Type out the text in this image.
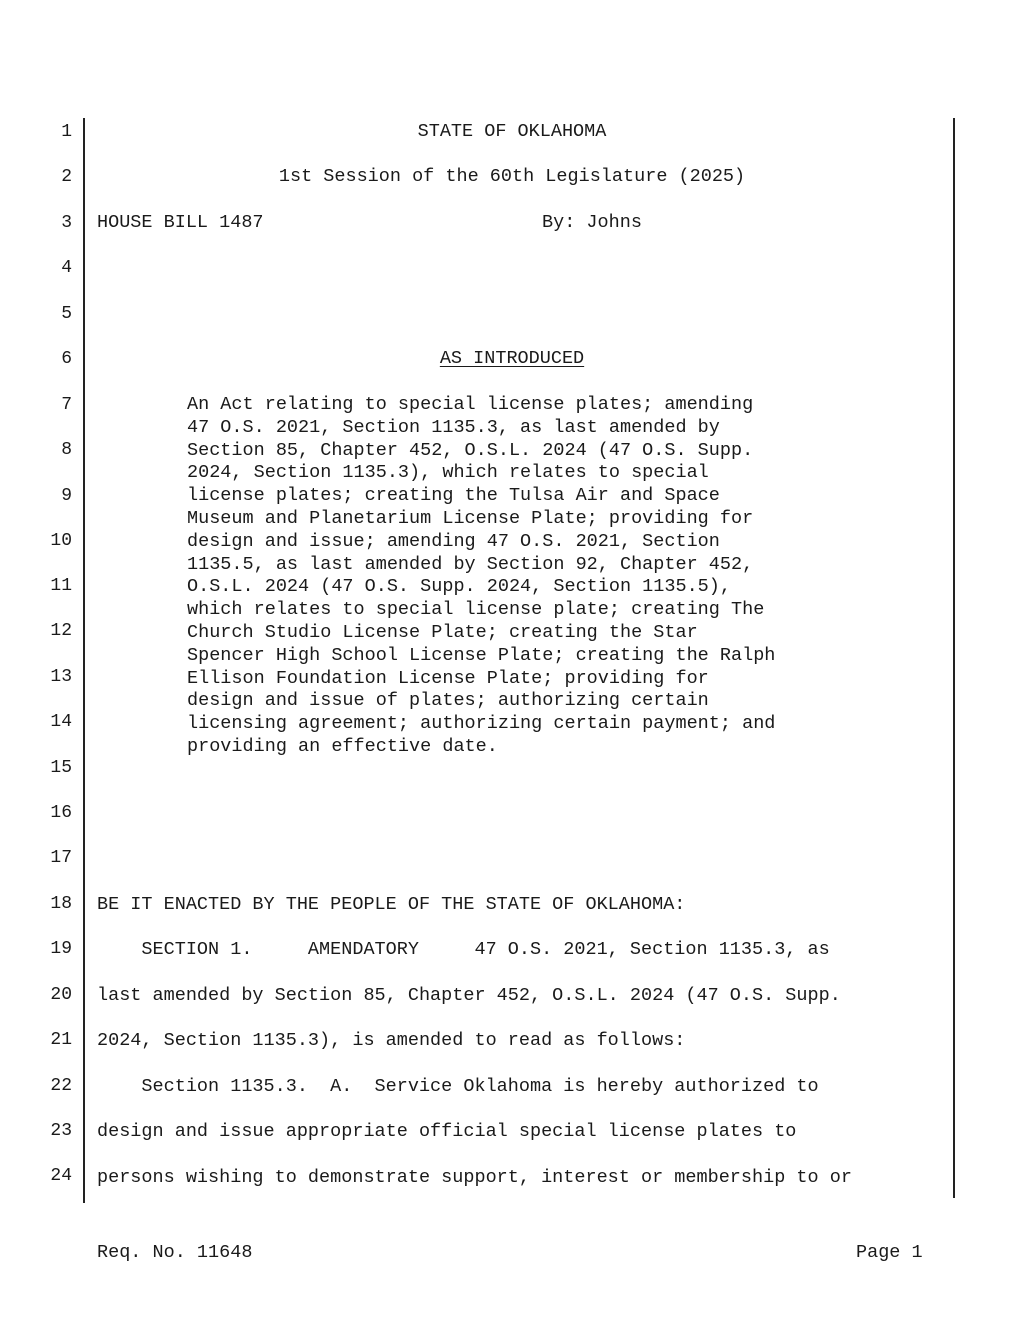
1
2
3
4
5
6
7
8
9
10
11
12
13
14
15
16
17
18
19
20
21
22
23
24
STATE OF OKLAHOMA
1st Session of the 60th Legislature (2025)
HOUSE BILL 1487	By: Johns
AS INTRODUCED
An Act relating to special license plates; amending
47 O.S. 2021, Section 1135.3, as last amended by
Section 85, Chapter 452, O.S.L. 2024 (47 O.S. Supp.
2024, Section 1135.3), which relates to special
license plates; creating the Tulsa Air and Space
Museum and Planetarium License Plate; providing for
design and issue; amending 47 O.S. 2021, Section
1135.5, as last amended by Section 92, Chapter 452,
O.S.L. 2024 (47 O.S. Supp. 2024, Section 1135.5),
which relates to special license plate; creating The
Church Studio License Plate; creating the Star
Spencer High School License Plate; creating the Ralph
Ellison Foundation License Plate; providing for
design and issue of plates; authorizing certain
licensing agreement; authorizing certain payment; and
providing an effective date.
BE IT ENACTED BY THE PEOPLE OF THE STATE OF OKLAHOMA:
SECTION 1.     AMENDATORY     47 O.S. 2021, Section 1135.3, as
last amended by Section 85, Chapter 452, O.S.L. 2024 (47 O.S. Supp.
2024, Section 1135.3), is amended to read as follows:
Section 1135.3.  A.  Service Oklahoma is hereby authorized to
design and issue appropriate official special license plates to
persons wishing to demonstrate support, interest or membership to or
Req. No. 11648	Page 1
